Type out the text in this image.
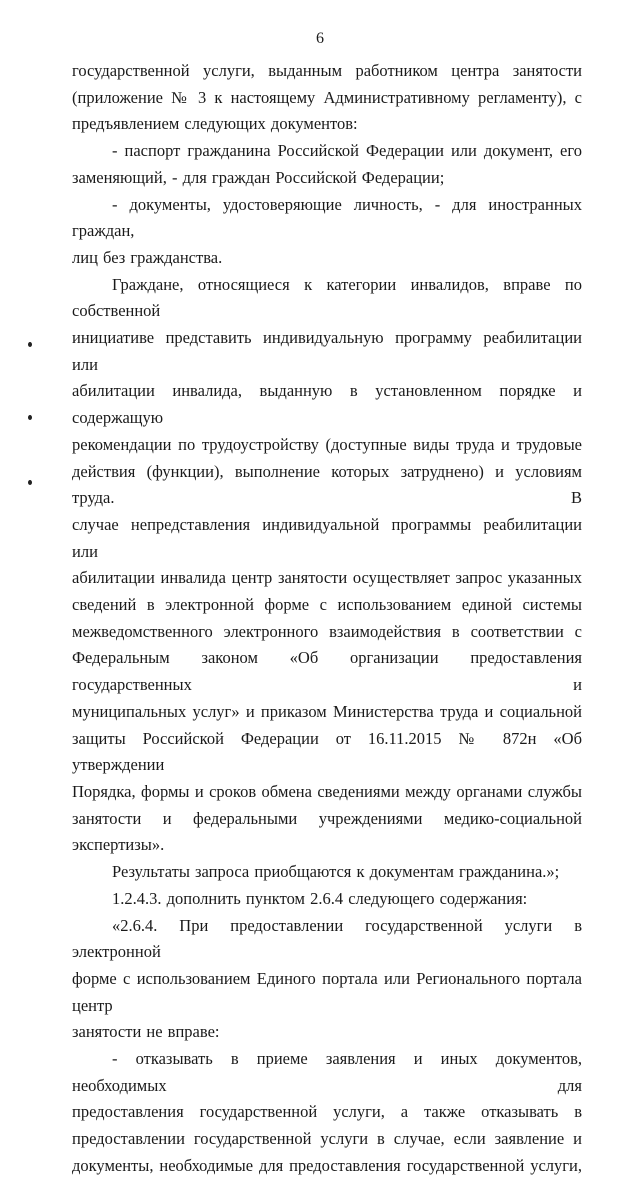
6

государственной услуги, выданным работником центра занятости

(приложение № 3 к настоящему Административному регламенту), с

предъявлением следующих документов:

- паспорт гражданина Российской Федерации или документ, его

заменяющий, - для граждан Российской Федерации;

- документы, удостоверяющие личность, - для иностранных граждан,

лиц без гражданства.

Граждане, относящиеся к категории инвалидов, вправе по собственной

инициативе представить индивидуальную программу реабилитации или

абилитации инвалида, выданную в установленном порядке и содержащую

рекомендации по трудоустройству (доступные виды труда и трудовые

действия (функции), выполнение которых затруднено) и условиям труда. В

случае непредставления индивидуальной программы реабилитации или

абилитации инвалида центр занятости осуществляет запрос указанных

сведений в электронной форме с использованием единой системы

межведомственного электронного взаимодействия в соответствии с

Федеральным законом «Об организации предоставления государственных и

муниципальных услуг» и приказом Министерства труда и социальной

защиты Российской Федерации от 16.11.2015 № 872н «Об утверждении

Порядка, формы и сроков обмена сведениями между органами службы

занятости и федеральными учреждениями медико-социальной экспертизы».

Результаты запроса приобщаются к документам гражданина.»;

1.2.4.3. дополнить пунктом 2.6.4 следующего содержания:

«2.6.4. При предоставлении государственной услуги в электронной

форме с использованием Единого портала или Регионального портала центр

занятости не вправе:

- отказывать в приеме заявления и иных документов, необходимых для

предоставления государственной услуги, а также отказывать в

предоставлении государственной услуги в случае, если заявление и

документы, необходимые для предоставления государственной услуги,
